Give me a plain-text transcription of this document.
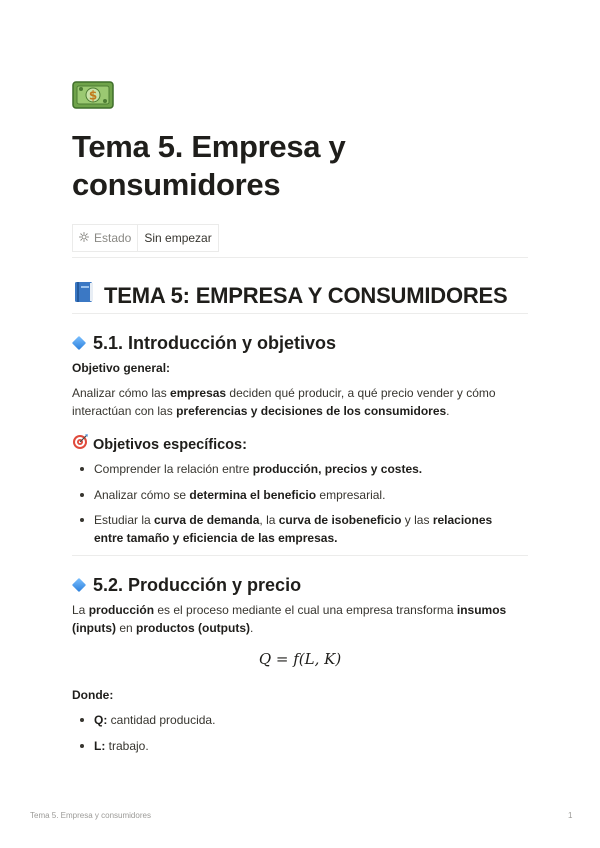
$
Tema 5. Empresa y consumidores
Estado	Sin empezar
TEMA 5: EMPRESA Y CONSUMIDORES
5.1. Introducción y objetivos
Objetivo general:

Analizar cómo las empresas deciden qué producir, a qué precio vender y cómo interactúan con las preferencias y decisiones de los consumidores.

Objetivos específicos:
Comprender la relación entre producción, precios y costes.
Analizar cómo se determina el beneficio empresarial.
Estudiar la curva de demanda, la curva de isobeneficio y las relaciones entre tamaño y eficiencia de las empresas.
5.2. Producción y precio

La producción es el proceso mediante el cual una empresa transforma insumos (inputs) en productos (outputs).

Q = f(L, K)
Donde:
Q: cantidad producida.
L: trabajo.
Tema 5. Empresa y consumidores	1
